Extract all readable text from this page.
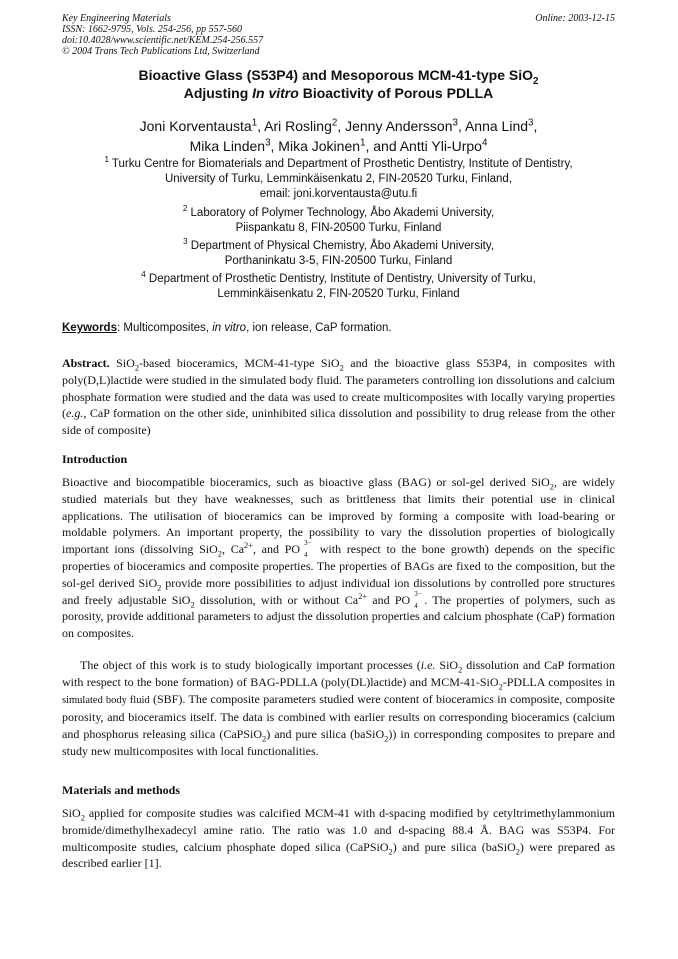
Key Engineering Materials
ISSN: 1662-9795, Vols. 254-256, pp 557-560
doi:10.4028/www.scientific.net/KEM.254-256.557
© 2004 Trans Tech Publications Ltd, Switzerland
Online: 2003-12-15
Bioactive Glass (S53P4) and Mesoporous MCM-41-type SiO$_2$
Adjusting In vitro Bioactivity of Porous PDLLA
Joni Korventausta$^1$, Ari Rosling$^2$, Jenny Andersson$^3$, Anna Lind$^3$,
Mika Linden$^3$, Mika Jokinen$^1$, and Antti Yli-Urpo$^4$
$^1$ Turku Centre for Biomaterials and Department of Prosthetic Dentistry, Institute of Dentistry,
University of Turku, Lemminkäisenkatu 2, FIN-20520 Turku, Finland,
email: joni.korventausta@utu.fi
$^2$ Laboratory of Polymer Technology, Åbo Akademi University,
Piispankatu 8, FIN-20500 Turku, Finland
$^3$ Department of Physical Chemistry, Åbo Akademi University,
Porthaninkatu 3-5, FIN-20500 Turku, Finland
$^4$ Department of Prosthetic Dentistry, Institute of Dentistry, University of Turku,
Lemminkäisenkatu 2, FIN-20520 Turku, Finland
Keywords: Multicomposites, in vitro, ion release, CaP formation.
Abstract. SiO$_2$-based bioceramics, MCM-41-type SiO$_2$ and the bioactive glass S53P4, in composites with poly(D,L)lactide were studied in the simulated body fluid. The parameters controlling ion dissolutions and calcium phosphate formation were studied and the data was used to create multicomposites with locally varying properties (e.g., CaP formation on the other side, uninhibited silica dissolution and possibility to drug release from the other side of composite)
Introduction
Bioactive and biocompatible bioceramics, such as bioactive glass (BAG) or sol-gel derived SiO$_2$, are widely studied materials but they have weaknesses, such as brittleness that limits their potential use in clinical applications. The utilisation of bioceramics can be improved by forming a composite with load-bearing or moldable polymers. An important property, the possibility to vary the dissolution properties of biologically important ions (dissolving SiO$_2$, $Ca^{2+}$, and PO 3−
4 with respect to the bone growth) depends on the specific properties of bioceramics and composite properties. The properties of BAGs are fixed to the composition, but the sol-gel derived SiO$_2$ provide more possibilities to adjust individual ion dissolutions by controlled pore structures and freely adjustable SiO$_2$ dissolution, with or without $Ca^{2+}$ and PO 3−
4 . The properties of polymers, such as porosity, provide additional parameters to adjust the dissolution properties and calcium phosphate (CaP) formation on composites.
The object of this work is to study biologically important processes (i.e. SiO$_2$ dissolution and CaP formation with respect to the bone formation) of BAG-PDLLA (poly(DL)lactide) and MCM-41-SiO$_2$-PDLLA composites in simulated body fluid (SBF). The composite parameters studied were content of bioceramics in composite, composite porosity, and bioceramics itself. The data is combined with earlier results on corresponding bioceramics (calcium and phosphorus releasing silica (CaPSiO$_2$) and pure silica (baSiO$_2$)) in corresponding composites to prepare and study new multicomposites with local functionalities.
Materials and methods
SiO$_2$ applied for composite studies was calcified MCM-41 with d-spacing modified by cetyltrimethylammonium bromide/dimethylhexadecyl amine ratio. The ratio was 1.0 and d-spacing 88.4 Å. BAG was S53P4. For multicomposite studies, calcium phosphate doped silica (CaPSiO$_2$) and pure silica (baSiO$_2$) were prepared as described earlier [1].
